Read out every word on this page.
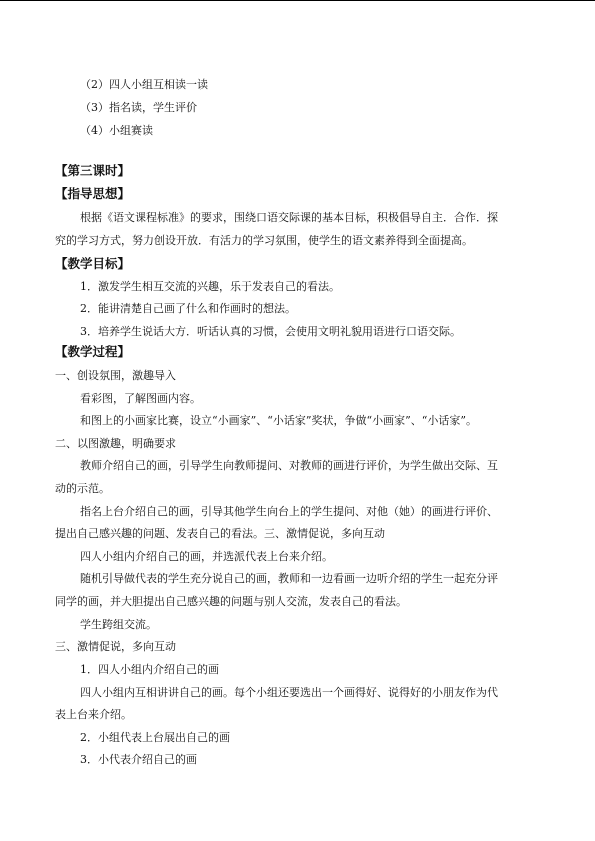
（2）四人小组互相读一读
（3）指名读，学生评价
（4）小组赛读
【第三课时】
【指导思想】
根据《语文课程标准》的要求，围绕口语交际课的基本目标，积极倡导自主．合作．探
究的学习方式，努力创设开放．有活力的学习氛围，使学生的语文素养得到全面提高。
【教学目标】
1．激发学生相互交流的兴趣，乐于发表自己的看法。
2．能讲清楚自己画了什么和作画时的想法。
3．培养学生说话大方．听话认真的习惯，会使用文明礼貌用语进行口语交际。
【教学过程】
一、创设氛围，激趣导入
看彩图，了解图画内容。
和图上的小画家比赛，设立“小画家”、“小话家”奖状，争做“小画家”、“小话家”。
二、以图激趣，明确要求
教师介绍自己的画，引导学生向教师提问、对教师的画进行评价，为学生做出交际、互
动的示范。
指名上台介绍自己的画，引导其他学生向台上的学生提问、对他（她）的画进行评价、
提出自己感兴趣的问题、发表自己的看法。三、激情促说，多向互动
四人小组内介绍自己的画，并选派代表上台来介绍。
随机引导做代表的学生充分说自己的画，教师和一边看画一边听介绍的学生一起充分评
同学的画，并大胆提出自己感兴趣的问题与别人交流，发表自己的看法。
学生跨组交流。
三、激情促说，多向互动
1．四人小组内介绍自己的画
四人小组内互相讲讲自己的画。每个小组还要选出一个画得好、说得好的小朋友作为代
表上台来介绍。
2．小组代表上台展出自己的画
3．小代表介绍自己的画
